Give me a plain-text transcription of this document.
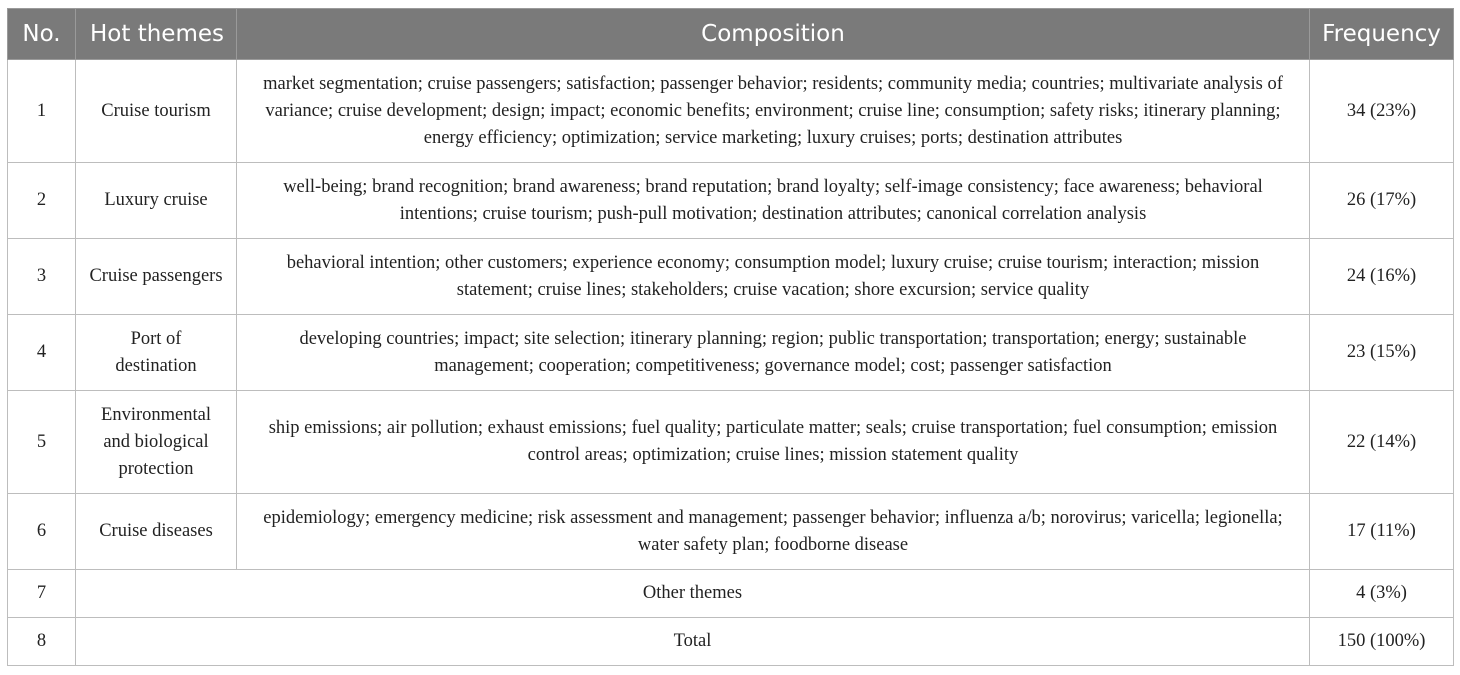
No.	Hot themes	Composition	Frequency
1	Cruise tourism	market segmentation; cruise passengers; satisfaction; passenger behavior; residents; community media; countries; multivariate analysis of variance; cruise development; design; impact; economic benefits; environment; cruise line; consumption; safety risks; itinerary planning; energy efficiency; optimization; service marketing; luxury cruises; ports; destination attributes	34 (23%)
2	Luxury cruise	well-being; brand recognition; brand awareness; brand reputation; brand loyalty; self-image consistency; face awareness; behavioral intentions; cruise tourism; push-pull motivation; destination attributes; canonical correlation analysis	26 (17%)
3	Cruise passengers	behavioral intention; other customers; experience economy; consumption model; luxury cruise; cruise tourism; interaction; mission statement; cruise lines; stakeholders; cruise vacation; shore excursion; service quality	24 (16%)
4	Port of destination	developing countries; impact; site selection; itinerary planning; region; public transportation; transportation; energy; sustainable management; cooperation; competitiveness; governance model; cost; passenger satisfaction	23 (15%)
5	Environmental and biological protection	ship emissions; air pollution; exhaust emissions; fuel quality; particulate matter; seals; cruise transportation; fuel consumption; emission control areas; optimization; cruise lines; mission statement quality	22 (14%)
6	Cruise diseases	epidemiology; emergency medicine; risk assessment and management; passenger behavior; influenza a/b; norovirus; varicella; legionella; water safety plan; foodborne disease	17 (11%)
7	Other themes		4 (3%)
8	Total		150 (100%)
